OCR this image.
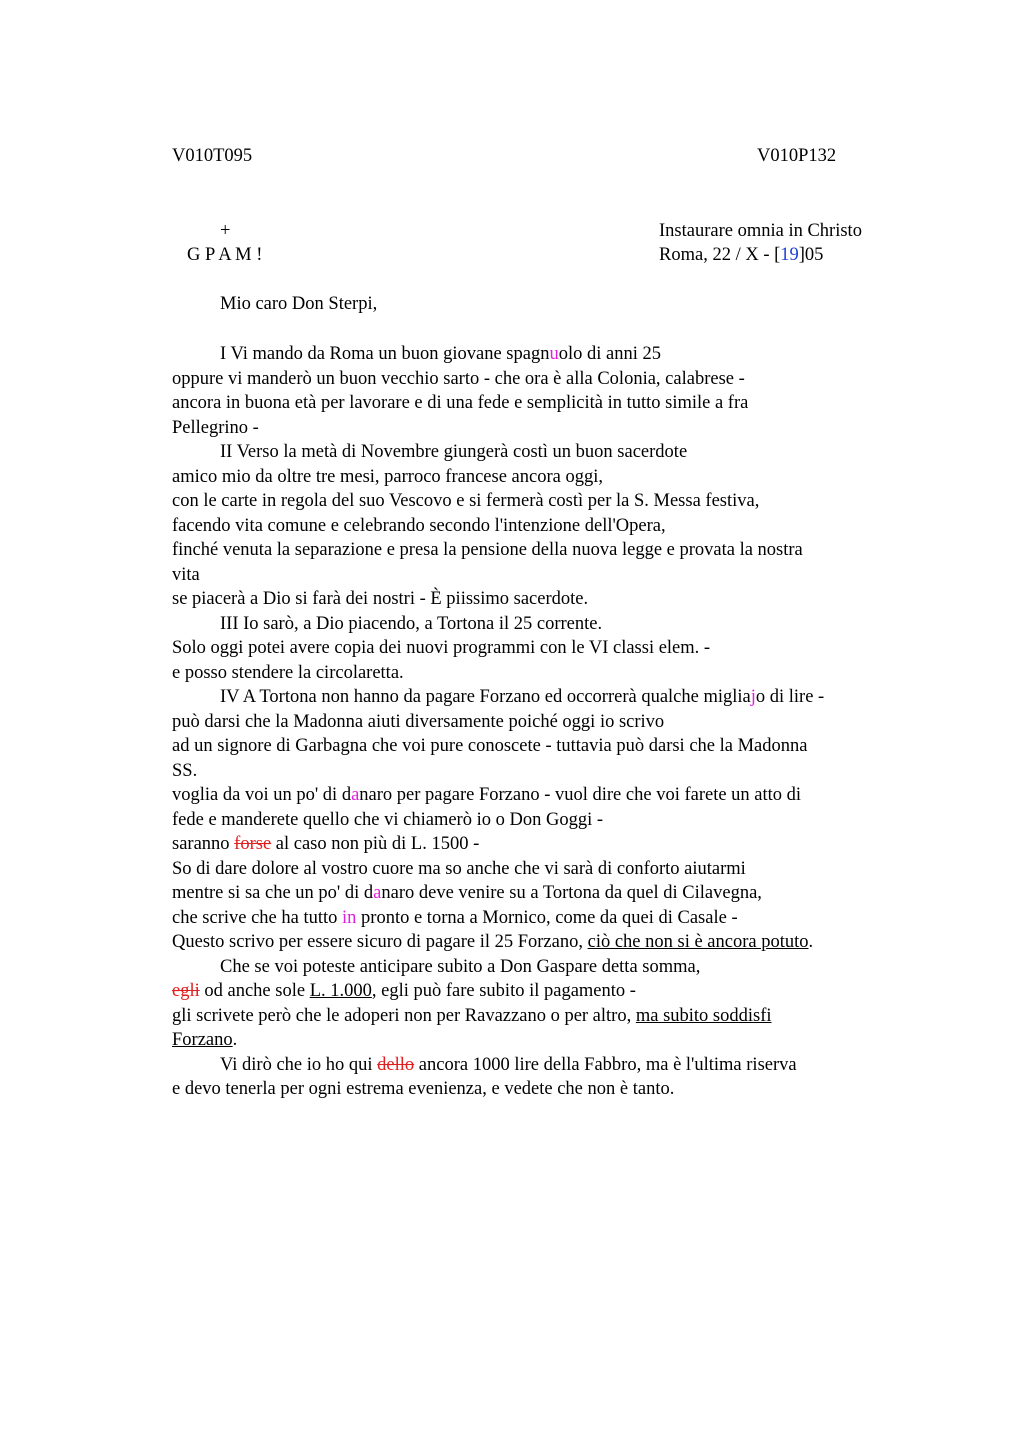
V010T095	V010P132
+
G P A M !
Instaurare omnia in Christo
Roma, 22 / X - [19]05
Mio caro Don Sterpi,
I Vi mando da Roma un buon giovane spagnuolo di anni 25
oppure vi manderò un buon vecchio sarto - che ora è alla Colonia, calabrese -
ancora in buona età per lavorare e di una fede e semplicità in tutto simile a fra
Pellegrino -
II Verso la metà di Novembre giungerà costì un buon sacerdote
amico mio da oltre tre mesi, parroco francese ancora oggi,
con le carte in regola del suo Vescovo e si fermerà costì per la S. Messa festiva,
facendo vita comune e celebrando secondo l'intenzione dell'Opera,
finché venuta la separazione e presa la pensione della nuova legge e provata la nostra
vita
se piacerà a Dio si farà dei nostri - È piissimo sacerdote.
III Io sarò, a Dio piacendo, a Tortona il 25 corrente.
Solo oggi potei avere copia dei nuovi programmi con le VI classi elem. -
e posso stendere la circolaretta.
IV A Tortona non hanno da pagare Forzano ed occorrerà qualche migliajo di lire -
può darsi che la Madonna aiuti diversamente poiché oggi io scrivo
ad un signore di Garbagna che voi pure conoscete - tuttavia può darsi che la Madonna
SS.
voglia da voi un po' di danaro per pagare Forzano - vuol dire che voi farete un atto di
fede e manderete quello che vi chiamerò io o Don Goggi -
saranno forse al caso non più di L. 1500 -
So di dare dolore al vostro cuore ma so anche che vi sarà di conforto aiutarmi
mentre si sa che un po' di danaro deve venire su a Tortona da quel di Cilavegna,
che scrive che ha tutto in pronto e torna a Mornico, come da quei di Casale -
Questo scrivo per essere sicuro di pagare il 25 Forzano, ciò che non si è ancora potuto.
Che se voi poteste anticipare subito a Don Gaspare detta somma,
egli od anche sole L. 1.000, egli può fare subito il pagamento -
gli scrivete però che le adoperi non per Ravazzano o per altro, ma subito soddisfi
Forzano.
Vi dirò che io ho qui dello ancora 1000 lire della Fabbro, ma è l'ultima riserva
e devo tenerla per ogni estrema evenienza, e vedete che non è tanto.
